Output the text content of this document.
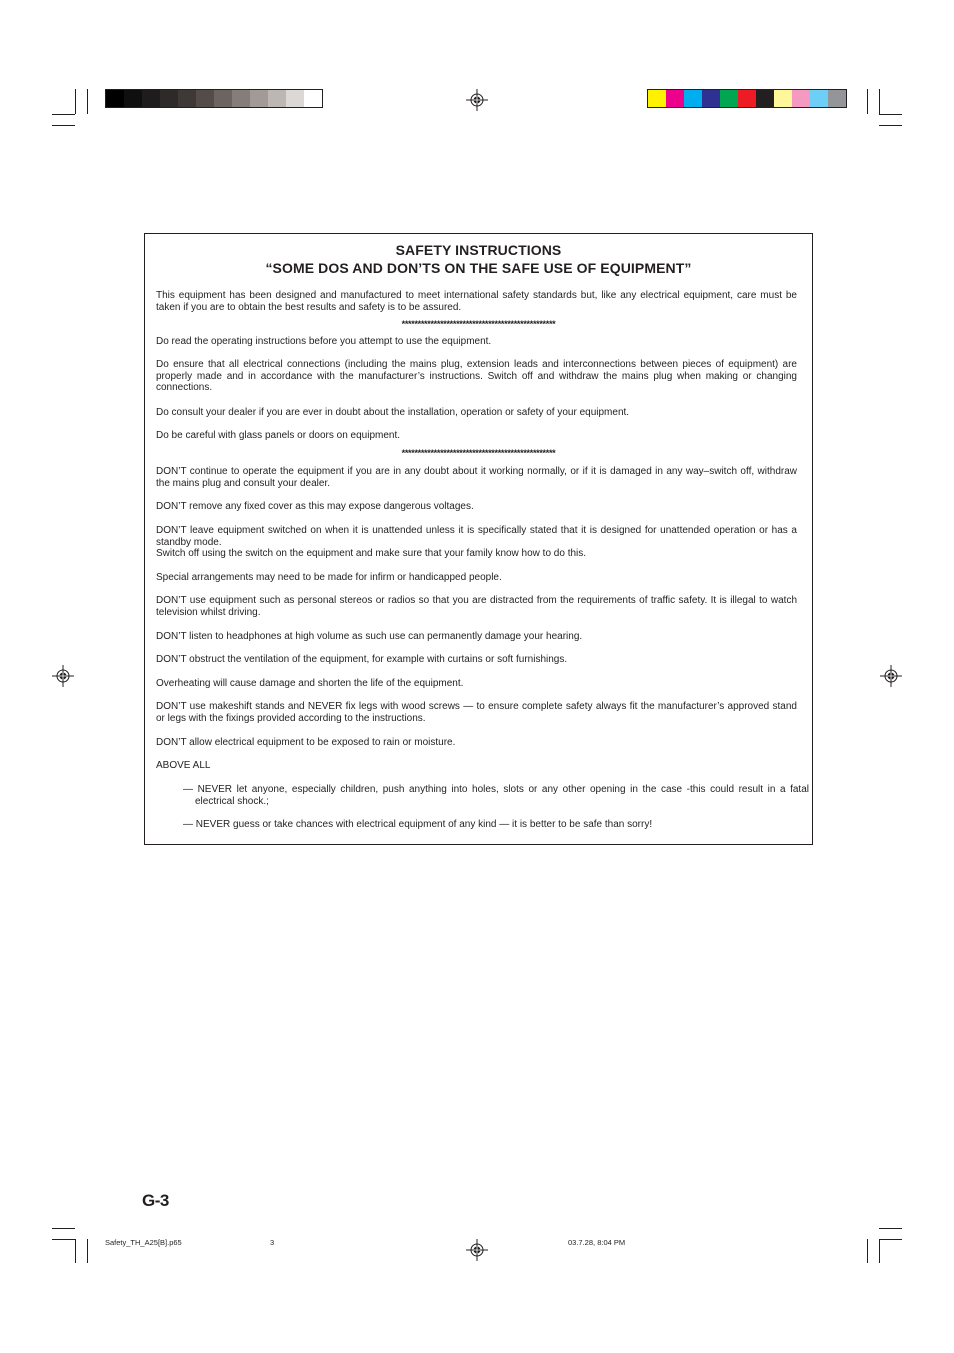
SAFETY INSTRUCTIONS
“SOME DOS AND DON’TS ON THE SAFE USE OF EQUIPMENT”
This equipment has been designed and manufactured to meet international safety standards but, like any electrical equipment, care must be taken if you are to obtain the best results and safety is to be assured.
************************************************
Do read the operating instructions before you attempt to use the equipment.
Do ensure that all electrical connections (including the mains plug, extension leads and interconnections between pieces of equipment) are properly made and in accordance with the manufacturer’s instructions. Switch off and withdraw the mains plug when making or changing connections.
Do consult your dealer if you are ever in doubt about the installation, operation or safety of your equipment.
Do be careful with glass panels or doors on equipment.
************************************************
DON’T continue to operate the equipment if you are in any doubt about it working normally, or if it is damaged in any way–switch off, withdraw the mains plug and consult your dealer.
DON’T remove any fixed cover as this may expose dangerous voltages.
DON’T leave equipment switched on when it is unattended unless it is specifically stated that it is designed for unattended operation or has a standby mode.
Switch off using the switch on the equipment and make sure that your family know how to do this.
Special arrangements may need to be made for infirm or handicapped people.
DON’T use equipment such as personal stereos or radios so that you are distracted from the requirements of traffic safety. It is illegal to watch television whilst driving.
DON’T listen to headphones at high volume as such use can permanently damage your hearing.
DON’T obstruct the ventilation of the equipment, for example with curtains or soft furnishings.
Overheating will cause damage and shorten the life of the equipment.
DON’T use makeshift stands and NEVER fix legs with wood screws — to ensure complete safety always fit the manufacturer’s approved stand or legs with the fixings provided according to the instructions.
DON’T allow electrical equipment to be exposed to rain or moisture.
ABOVE ALL
— NEVER let anyone, especially children, push anything into holes, slots or any other opening in the case -this could result in a fatal electrical shock.;
— NEVER guess or take chances with electrical equipment of any kind — it is better to be safe than sorry!
G-3
Safety_TH_A25[B].p65	3	03.7.28, 8:04 PM
